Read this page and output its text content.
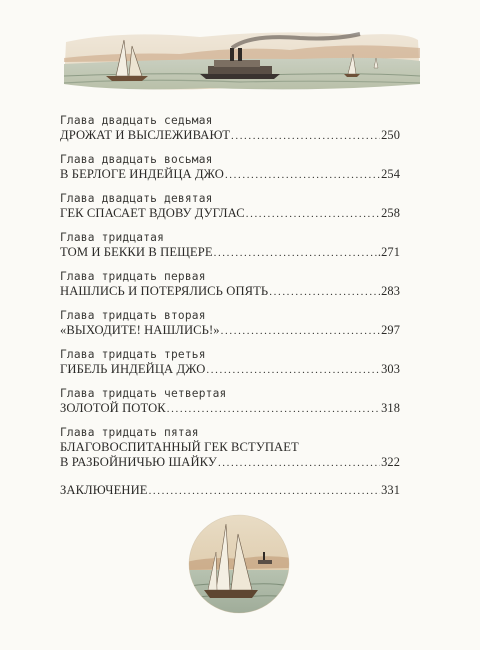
Глава двадцать седьмая
ДРОЖАТ И ВЫСЛЕЖИВАЮТ .....	250
Глава двадцать восьмая
В БЕРЛОГЕ ИНДЕЙЦА ДЖО .....	254
Глава двадцать девятая
ГЕК СПАСАЕТ ВДОВУ ДУГЛАС .....	258
Глава тридцатая
ТОМ И БЕККИ В ПЕЩЕРЕ .....	.271
Глава тридцать первая
НАШЛИСЬ И ПОТЕРЯЛИСЬ ОПЯТЬ .....	283
Глава тридцать вторая
«ВЫХОДИТЕ! НАШЛИСЬ!» .....	297
Глава тридцать третья
ГИБЕЛЬ ИНДЕЙЦА ДЖО .....	303
Глава тридцать четвертая
ЗОЛОТОЙ ПОТОК .....	318
Глава тридцать пятая
БЛАГОВОСПИТАННЫЙ ГЕК ВСТУПАЕТ
В РАЗБОЙНИЧЬЮ ШАЙКУ .....	322
ЗАКЛЮЧЕНИЕ .....	331
